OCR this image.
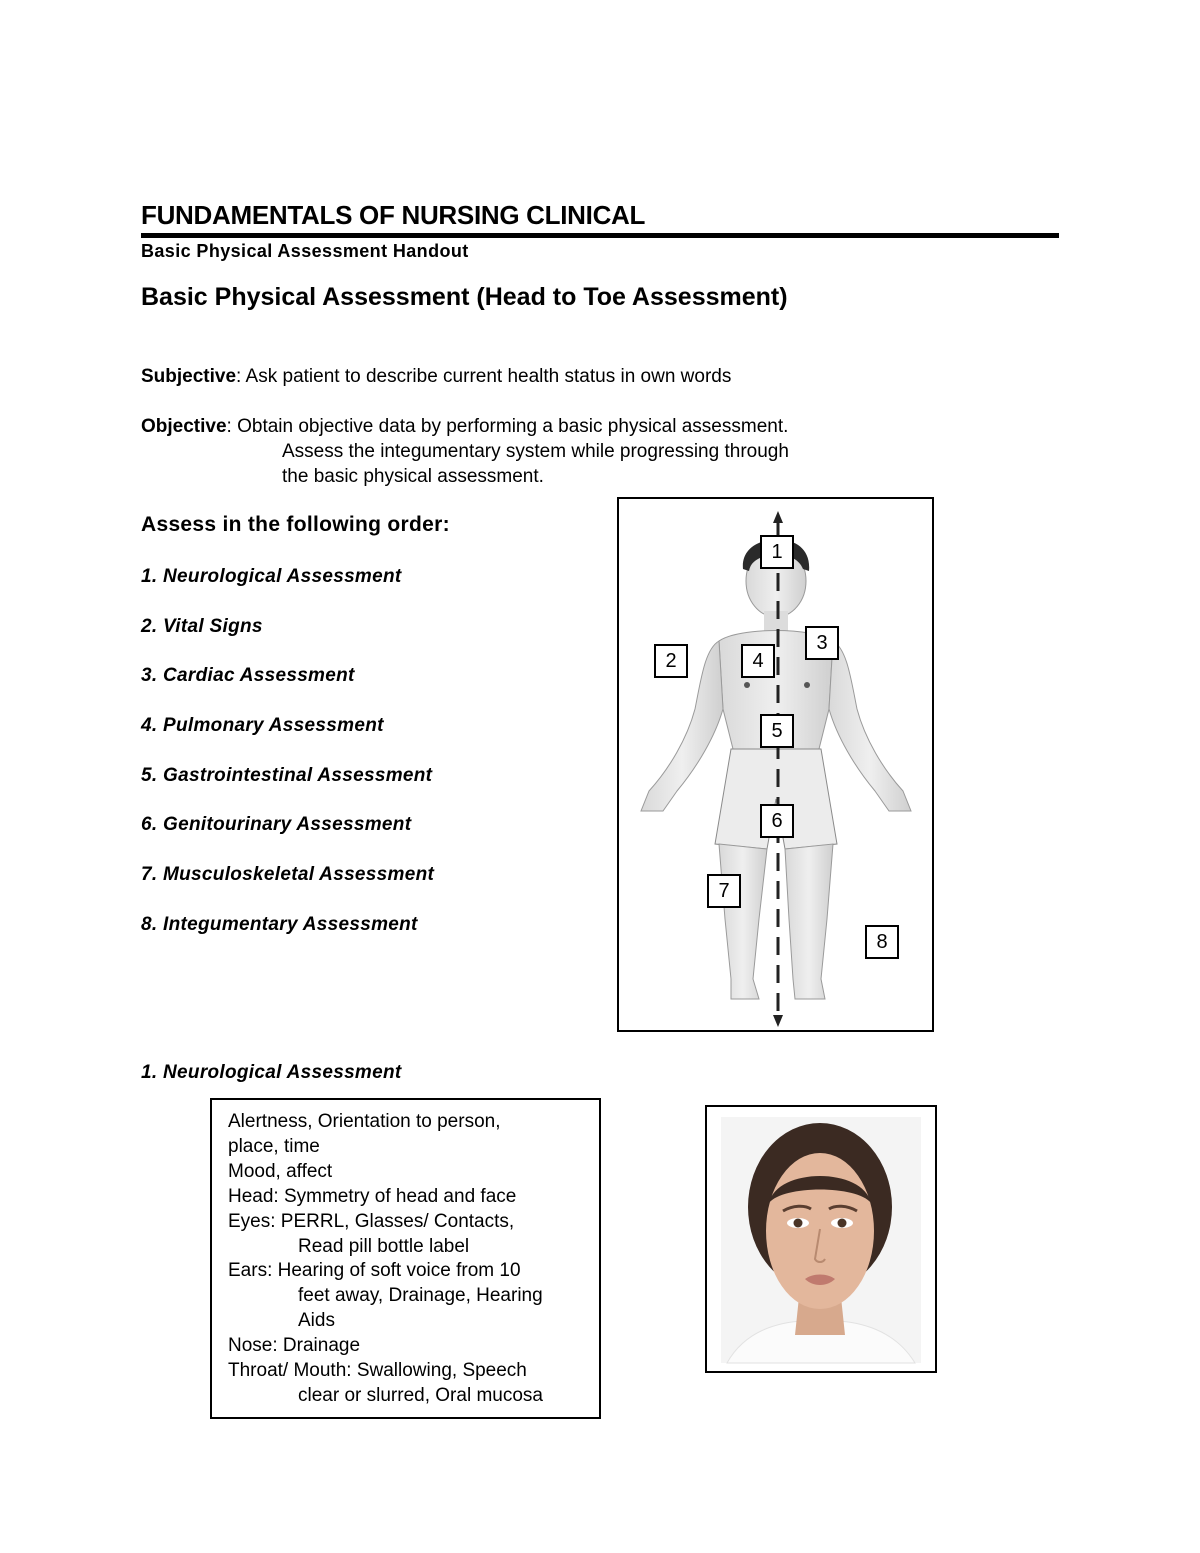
FUNDAMENTALS OF NURSING CLINICAL
Basic Physical Assessment Handout
Basic Physical Assessment (Head to Toe Assessment)
Subjective: Ask patient to describe current health status in own words
Objective: Obtain objective data by performing a basic physical assessment.
Assess the integumentary system while progressing through
the basic physical assessment.
Assess in the following order:
1. Neurological Assessment
2. Vital Signs
3. Cardiac Assessment
4. Pulmonary Assessment
5. Gastrointestinal Assessment
6. Genitourinary Assessment
7. Musculoskeletal Assessment
8. Integumentary Assessment
1
2
3
4
5
6
7
8
1. Neurological Assessment
Alertness, Orientation to person,
place, time
Mood, affect
Head: Symmetry of head and face
Eyes: PERRL, Glasses/ Contacts,
Read pill bottle label
Ears: Hearing of soft voice from 10
feet away, Drainage, Hearing
Aids
Nose: Drainage
Throat/ Mouth: Swallowing, Speech
clear or slurred, Oral mucosa
